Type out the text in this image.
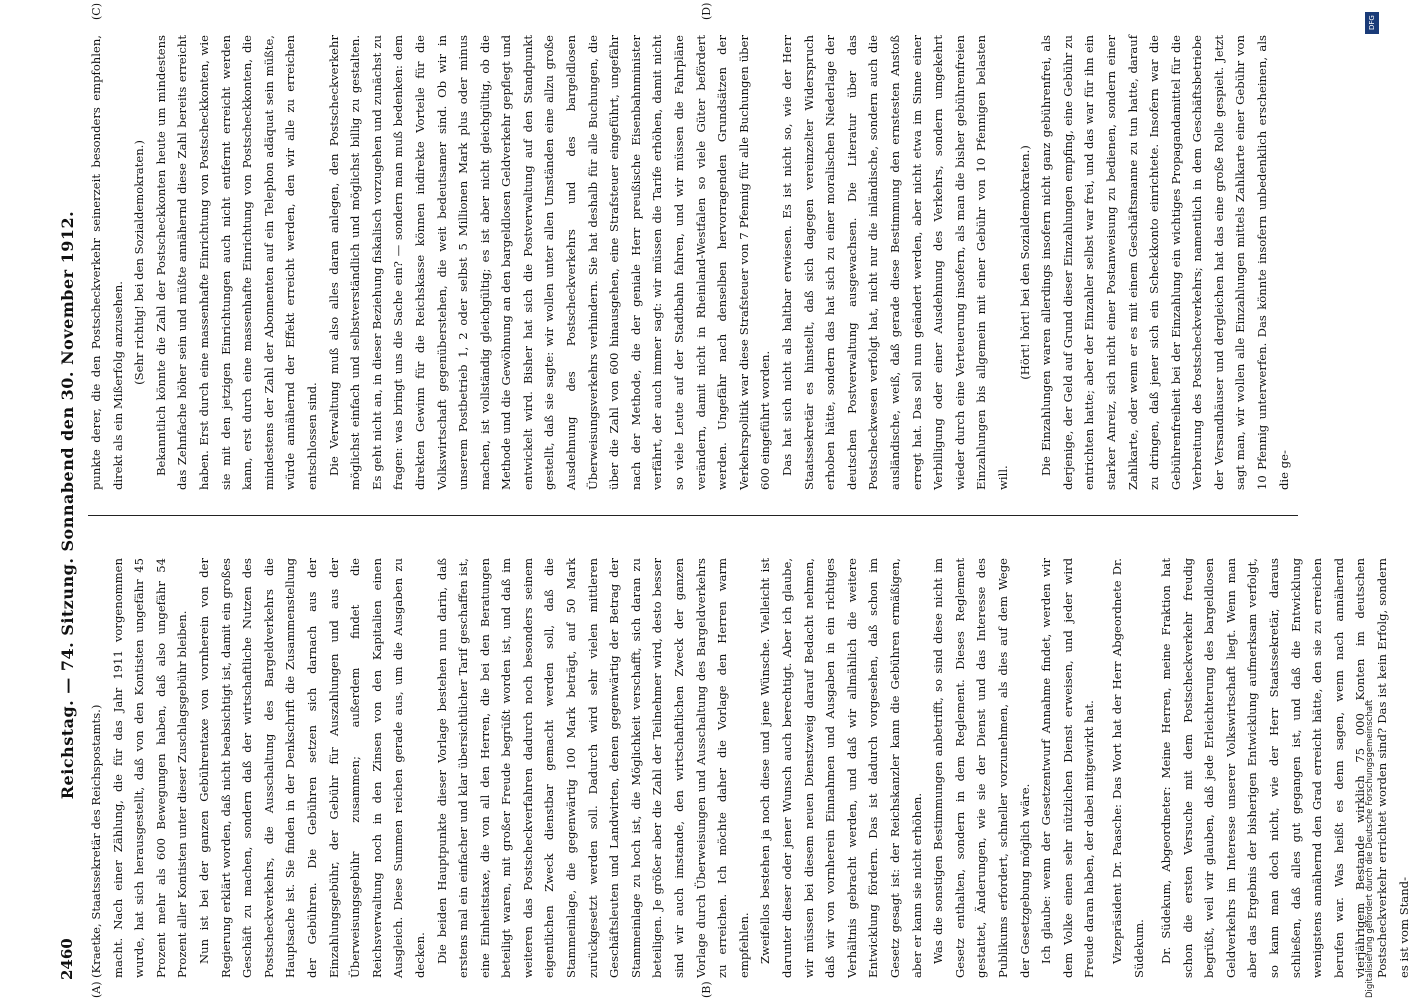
2460
Reichstag. — 74. Sitzung. Sonnabend den 30. November 1912.
(A)	(B)
(C)	(D)

(Kraetke, Staatssekretär des Reichspostamts.) macht. Nach einer Zählung, die für das Jahr 1911 vorgenommen wurde, hat sich herausgestellt, daß von den Kontisten ungefähr 45 Prozent mehr als 600 Bewegungen haben, daß also ungefähr 54 Prozent aller Kontisten unter dieser Zuschlagsgebühr bleiben. Nun ist bei der ganzen Gebührentaxe von vornherein von der Regierung erklärt worden, daß nicht beabsichtigt ist, damit ein großes Geschäft zu machen, sondern daß der wirtschaftliche Nutzen des Postscheckverkehrs, die Ausschaltung des Bargeldverkehrs die Hauptsache ist. Sie finden in der Denkschrift die Zusammenstellung der Gebühren. Die Gebühren setzen sich darnach aus der Einzahlungsgebühr, der Gebühr für Auszahlungen und aus der Überweisungsgebühr zusammen; außerdem findet die Reichsverwaltung noch in den Zinsen von den Kapitalien einen Ausgleich. Diese Summen reichen gerade aus, um die Ausgaben zu decken. Die beiden Hauptpunkte dieser Vorlage bestehen nun darin, daß erstens mal ein einfacher und klar übersichtlicher Tarif geschaffen ist, eine Einheitstaxe, die von all den Herren, die bei den Beratungen beteiligt waren, mit großer Freude begrüßt worden ist, und daß im weiteren das Postscheckverfahren dadurch noch besonders seinem eigentlichen Zweck dienstbar gemacht werden soll, daß die Stammeinlage, die gegenwärtig 100 Mark beträgt, auf 50 Mark zurückgesetzt werden soll. Dadurch wird sehr vielen mittleren Geschäftsleuten und Landwirten, denen gegenwärtig der Betrag der Stammeinlage zu hoch ist, die Möglichkeit verschafft, sich daran zu beteiligen. Je größer aber die Zahl der Teilnehmer wird, desto besser sind wir auch imstande, den wirtschaftlichen Zweck der ganzen Vorlage durch Überweisungen und Ausschaltung des Bargeldverkehrs zu erreichen. Ich möchte daher die Vorlage den Herren warm empfehlen. Zweifellos bestehen ja noch diese und jene Wünsche. Vielleicht ist darunter dieser oder jener Wunsch auch berechtigt. Aber ich glaube, wir müssen bei diesem neuen Dienstzweig darauf Bedacht nehmen, daß wir von vornherein Einnahmen und Ausgaben in ein richtiges Verhältnis gebracht werden, und daß wir allmählich die weitere Entwicklung fördern. Das ist dadurch vorgesehen, daß schon im Gesetz gesagt ist: der Reichskanzler kann die Gebühren ermäßigen, aber er kann sie nicht erhöhen. Was die sonstigen Bestimmungen anbetrifft, so sind diese nicht im Gesetz enthalten, sondern in dem Reglement. Dieses Reglement gestattet, Änderungen, wie sie der Dienst und das Interesse des Publikums erfordert, schneller vorzunehmen, als dies auf dem Wege der Gesetzgebung möglich wäre. Ich glaube: wenn der Gesetzentwurf Annahme findet, werden wir dem Volke einen sehr nützlichen Dienst erweisen, und jeder wird Freude daran haben, der dabei mitgewirkt hat.	Vizepräsident Dr. Paasche: Das Wort hat der Herr Abgeordnete Dr. Südekum.	Dr. Südekum, Abgeordneter: Meine Herren, meine Fraktion hat schon die ersten Versuche mit dem Postscheckverkehr freudig begrüßt, weil wir glauben, daß jede Erleichterung des bargeldlosen Geldverkehrs im Interesse unserer Volkswirtschaft liegt. Wenn man aber das Ergebnis der bisherigen Entwicklung aufmerksam verfolgt, so kann man doch nicht, wie der Herr Staatssekretär, daraus schließen, daß alles gut gegangen ist, und daß die Entwicklung wenigstens annähernd den Grad erreicht hätte, den sie zu erreichen berufen war. Was heißt es denn sagen, wenn nach annähernd vierjährigem Bestande wirklich 75 000 Konten im deutschen Postscheckverkehr errichtet worden sind? Das ist kein Erfolg, sondern es ist vom Stand-

punkte derer, die den Postscheckverkehr seinerzeit besonders empfohlen, direkt als ein Mißerfolg anzusehen.

(Sehr richtig! bei den Sozialdemokraten.) Bekanntlich könnte die Zahl der Postscheckkonten heute um mindestens das Zehnfache höher sein und müßte annähernd diese Zahl bereits erreicht haben. Erst durch eine massenhafte Einrichtung von Postscheckkonten, wie sie mit den jetzigen Einrichtungen auch nicht entfernt erreicht werden kann, erst durch eine massenhafte Einrichtung von Postscheckkonten, die mindestens der Zahl der Abonnenten auf ein Telephon adäquat sein müßte, würde annähernd der Effekt erreicht werden, den wir alle zu erreichen entschlossen sind. Die Verwaltung muß also alles daran anlegen, den Postscheckverkehr möglichst einfach und selbstverständlich und möglichst billig zu gestalten. Es geht nicht an, in dieser Beziehung fiskalisch vorzugehen und zunächst zu fragen: was bringt uns die Sache ein? — sondern man muß bedenken: dem direkten Gewinn für die Reichskasse können indirekte Vorteile für die Volkswirtschaft gegenüberstehen, die weit bedeutsamer sind. Ob wir in unserem Postbetrieb 1, 2 oder selbst 5 Millionen Mark plus oder minus machen, ist vollständig gleichgültig; es ist aber nicht gleichgültig, ob die Methode und die Gewöhnung an den bargeldlosen Geldverkehr gepflegt und entwickelt wird. Bisher hat sich die Postverwaltung auf den Standpunkt gestellt, daß sie sagte: wir wollen unter allen Umständen eine allzu große Ausdehnung des Postscheckverkehrs und des bargeldlosen Überweisungsverkehrs verhindern. Sie hat deshalb für alle Buchungen, die über die Zahl von 600 hinausgehen, eine Strafsteuer eingeführt, ungefähr nach der Methode, die der geniale Herr preußische Eisenbahnminister verfährt, der auch immer sagt: wir müssen die Tarife erhöhen, damit nicht so viele Leute auf der Stadtbahn fahren, und wir müssen die Fahrpläne verändern, damit nicht in Rheinland-Westfalen so viele Güter befördert werden. Ungefähr nach denselben hervorragenden Grundsätzen der Verkehrspolitik war diese Strafsteuer von 7 Pfennig für alle Buchungen über 600 eingeführt worden. Das hat sich nicht als haltbar erwiesen. Es ist nicht so, wie der Herr Staatssekretär es hinstellt, daß sich dagegen vereinzelter Widerspruch erhoben hätte, sondern das hat sich zu einer moralischen Niederlage der deutschen Postverwaltung ausgewachsen. Die Literatur über das Postscheckwesen verfolgt hat, nicht nur die inländische, sondern auch die ausländische, weiß, daß gerade diese Bestimmung den ernstesten Anstoß erregt hat. Das soll nun geändert werden, aber nicht etwa im Sinne einer Verbilligung oder einer Ausdehnung des Verkehrs, sondern umgekehrt wieder durch eine Verteuerung insofern, als man die bisher gebührenfreien Einzahlungen bis allgemein mit einer Gebühr von 10 Pfennigen belasten will.

(Hört! hört! bei den Sozialdemokraten.) Die Einzahlungen waren allerdings insofern nicht ganz gebührenfrei, als derjenige, der Geld auf Grund dieser Einzahlungen empfing, eine Gebühr zu entrichten hatte; aber der Einzahler selbst war frei, und das war für ihn ein starker Anreiz, sich nicht einer Postanweisung zu bedienen, sondern einer Zahlkarte, oder wenn er es mit einem Geschäftsmanne zu tun hatte, darauf zu dringen, daß jener sich ein Scheckkonto einrichtete. Insofern war die Gebührenfreiheit bei der Einzahlung ein wichtiges Propagandamittel für die Verbreitung des Postscheckverkehrs; namentlich in dem Geschäftsbetriebe der Versandhäuser und dergleichen hat das eine große Rolle gespielt. Jetzt sagt man, wir wollen alle Einzahlungen mittels Zahlkarte einer Gebühr von 10 Pfennig unterwerfen. Das könnte insofern unbedenklich erscheinen, als die ge-

DFG
Digitalisierung gefördert durch die Deutsche Forschungsgemeinschaft
